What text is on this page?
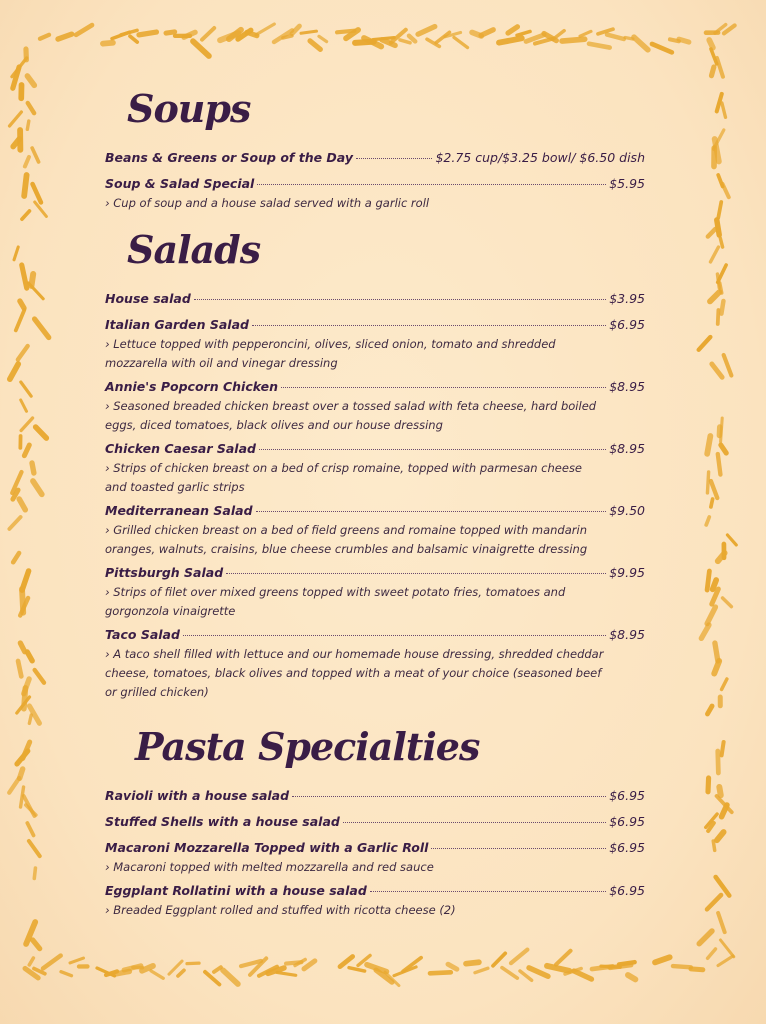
Soups
Beans & Greens or Soup of the Day	$2.75 cup/$3.25 bowl/ $6.50 dish
Soup & Salad Special	$5.95
› Cup of soup and a house salad served with a garlic roll
Salads
House salad	$3.95
Italian Garden Salad	$6.95
› Lettuce topped with pepperoncini, olives, sliced onion, tomato and shredded mozzarella with oil and vinegar dressing
Annie's Popcorn Chicken	$8.95
› Seasoned breaded chicken breast over a tossed salad with feta cheese, hard boiled eggs, diced tomatoes, black olives and our house dressing
Chicken Caesar Salad	$8.95
› Strips of chicken breast on a bed of crisp romaine, topped with parmesan cheese and toasted garlic strips
Mediterranean Salad	$9.50
› Grilled chicken breast on a bed of field greens and romaine topped with mandarin oranges, walnuts, craisins, blue cheese crumbles and balsamic vinaigrette dressing
Pittsburgh Salad	$9.95
› Strips of filet over mixed greens topped with sweet potato fries, tomatoes and gorgonzola vinaigrette
Taco Salad	$8.95
› A taco shell filled with lettuce and our homemade house dressing, shredded cheddar cheese, tomatoes, black olives and topped with a meat of your choice (seasoned beef or grilled chicken)
Pasta Specialties
Ravioli with a house salad	$6.95
Stuffed Shells with a house salad	$6.95
Macaroni Mozzarella Topped with a Garlic Roll	$6.95
› Macaroni topped with melted mozzarella and red sauce
Eggplant Rollatini with a house salad	$6.95
› Breaded Eggplant rolled and stuffed with ricotta cheese (2)
